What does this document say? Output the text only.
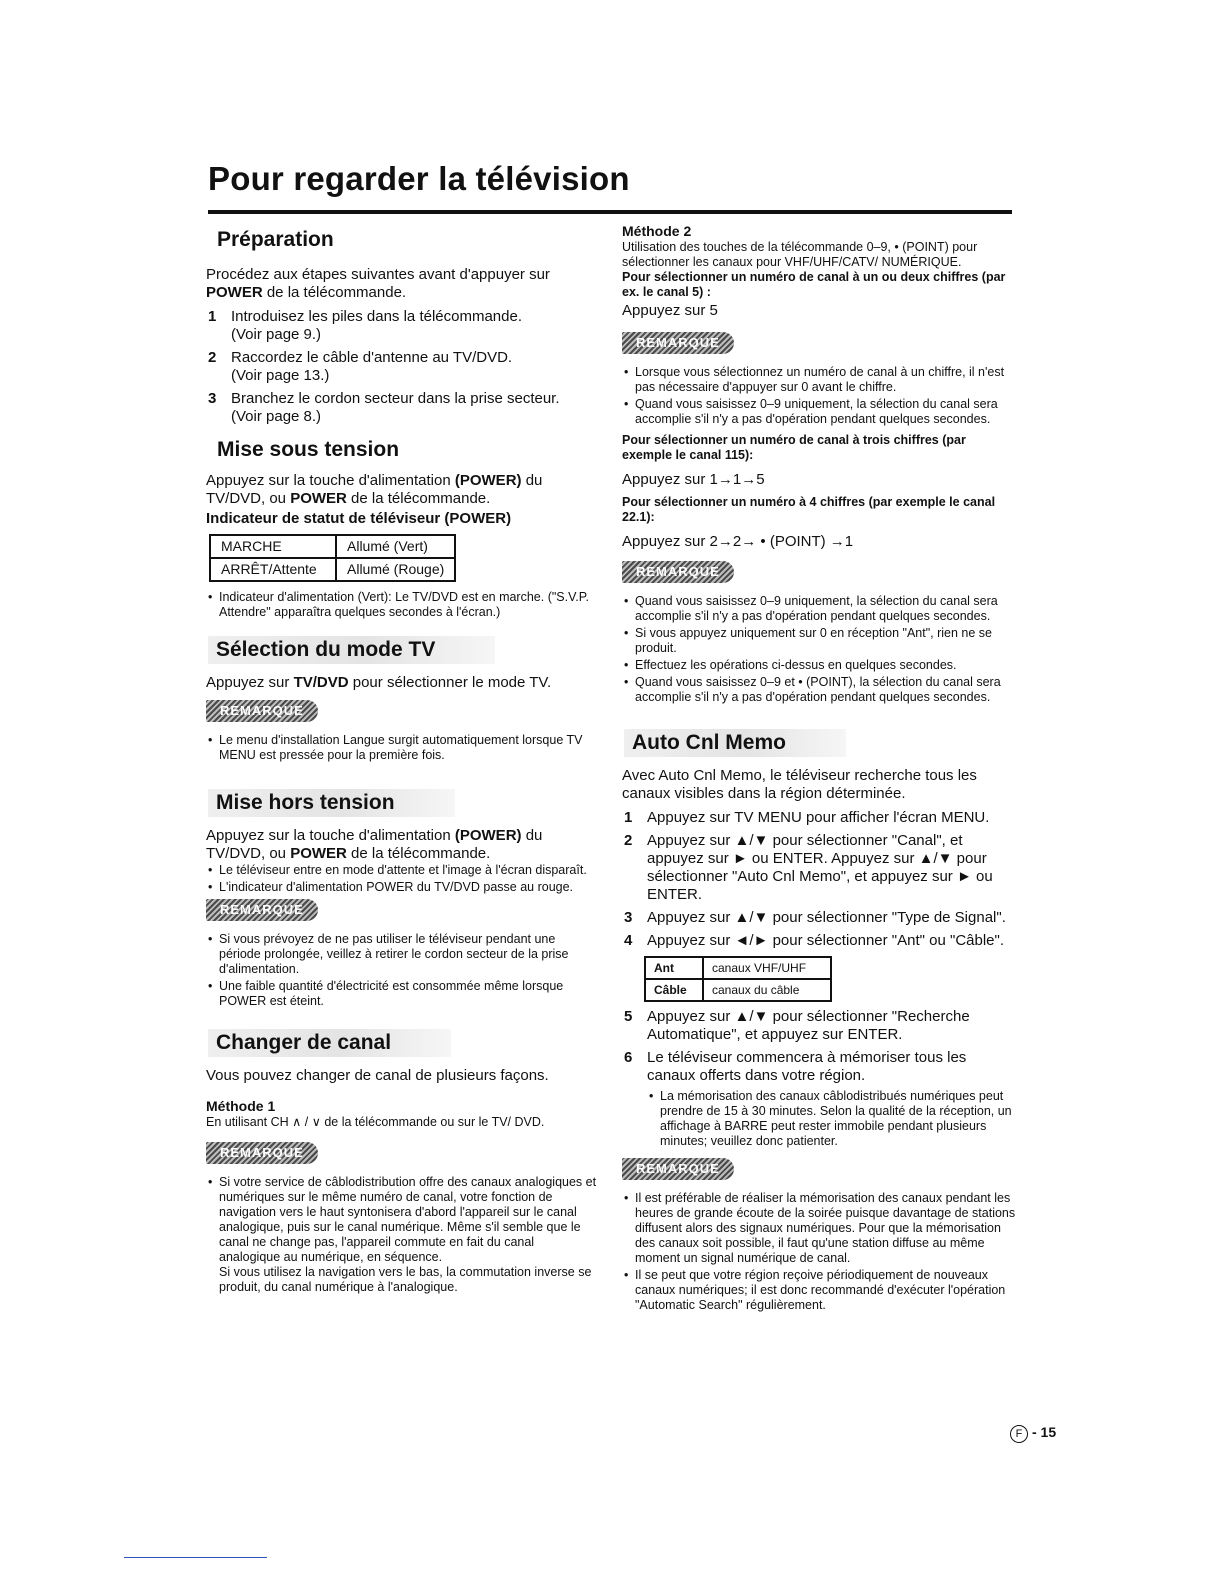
Pour regarder la télévision
Préparation

Procédez aux étapes suivantes avant d'appuyer sur POWER de la télécommande.

1 Introduisez les piles dans la télécommande.
(Voir page 9.)
2 Raccordez le câble d'antenne au TV/DVD.
(Voir page 13.)
3 Branchez le cordon secteur dans la prise secteur.
(Voir page 8.)
Mise sous tension

Appuyez sur la touche d'alimentation (POWER) du TV/DVD, ou POWER de la télécommande.

Indicateur de statut de téléviseur (POWER)

MARCHE	Allumé (Vert)
ARRÊT/Attente	Allumé (Rouge)
• Indicateur d'alimentation (Vert): Le TV/DVD est en marche. ("S.V.P. Attendre" apparaîtra quelques secondes à l'écran.)
Sélection du mode TV

Appuyez sur TV/DVD pour sélectionner le mode TV.

REMARQUE
• Le menu d'installation Langue surgit automatiquement lorsque TV MENU est pressée pour la première fois.
Mise hors tension

Appuyez sur la touche d'alimentation (POWER) du TV/DVD, ou POWER de la télécommande.

• Le téléviseur entre en mode d'attente et l'image à l'écran disparaît.
• L'indicateur d'alimentation POWER du TV/DVD passe au rouge.
REMARQUE
• Si vous prévoyez de ne pas utiliser le téléviseur pendant une période prolongée, veillez à retirer le cordon secteur de la prise d'alimentation.
• Une faible quantité d'électricité est consommée même lorsque POWER est éteint.
Changer de canal

Vous pouvez changer de canal de plusieurs façons.

Méthode 1

En utilisant CH ∧ / ∨ de la télécommande ou sur le TV/ DVD.

REMARQUE
• Si votre service de câblodistribution offre des canaux analogiques et numériques sur le même numéro de canal, votre fonction de navigation vers le haut syntonisera d'abord l'appareil sur le canal analogique, puis sur le canal numérique. Même s'il semble que le canal ne change pas, l'appareil commute en fait du canal analogique au numérique, en séquence.
Si vous utilisez la navigation vers le bas, la commutation inverse se produit, du canal numérique à l'analogique.

Méthode 2

Utilisation des touches de la télécommande 0–9, • (POINT) pour sélectionner les canaux pour VHF/UHF/CATV/ NUMÉRIQUE.

Pour sélectionner un numéro de canal à un ou deux chiffres (par ex. le canal 5) :

Appuyez sur 5

REMARQUE
• Lorsque vous sélectionnez un numéro de canal à un chiffre, il n'est pas nécessaire d'appuyer sur 0 avant le chiffre.
• Quand vous saisissez 0–9 uniquement, la sélection du canal sera accomplie s'il n'y a pas d'opération pendant quelques secondes.

Pour sélectionner un numéro de canal à trois chiffres (par exemple le canal 115):

Appuyez sur 1→1→5

Pour sélectionner un numéro à 4 chiffres (par exemple le canal 22.1):

Appuyez sur 2→2→ • (POINT) →1

REMARQUE
• Quand vous saisissez 0–9 uniquement, la sélection du canal sera accomplie s'il n'y a pas d'opération pendant quelques secondes.
• Si vous appuyez uniquement sur 0 en réception "Ant", rien ne se produit.
• Effectuez les opérations ci-dessus en quelques secondes.
• Quand vous saisissez 0–9 et • (POINT), la sélection du canal sera accomplie s'il n'y a pas d'opération pendant quelques secondes.
Auto Cnl Memo

Avec Auto Cnl Memo, le téléviseur recherche tous les canaux visibles dans la région déterminée.

1 Appuyez sur TV MENU pour afficher l'écran MENU.
2 Appuyez sur ▲/▼ pour sélectionner "Canal", et appuyez sur ► ou ENTER. Appuyez sur ▲/▼ pour sélectionner "Auto Cnl Memo", et appuyez sur ► ou ENTER.
3 Appuyez sur ▲/▼ pour sélectionner "Type de Signal".
4 Appuyez sur ◄/► pour sélectionner "Ant" ou "Câble".
Ant	canaux VHF/UHF
Câble	canaux du câble
5 Appuyez sur ▲/▼ pour sélectionner "Recherche Automatique", et appuyez sur ENTER.
6 Le téléviseur commencera à mémoriser tous les canaux offerts dans votre région.
• La mémorisation des canaux câblodistribués numériques peut prendre de 15 à 30 minutes. Selon la qualité de la réception, un affichage à BARRE peut rester immobile pendant plusieurs minutes; veuillez donc patienter.
REMARQUE
• Il est préférable de réaliser la mémorisation des canaux pendant les heures de grande écoute de la soirée puisque davantage de stations diffusent alors des signaux numériques. Pour que la mémorisation des canaux soit possible, il faut qu'une station diffuse au même moment un signal numérique de canal.
• Il se peut que votre région reçoive périodiquement de nouveaux canaux numériques; il est donc recommandé d'exécuter l'opération "Automatic Search" régulièrement.
F - 15
